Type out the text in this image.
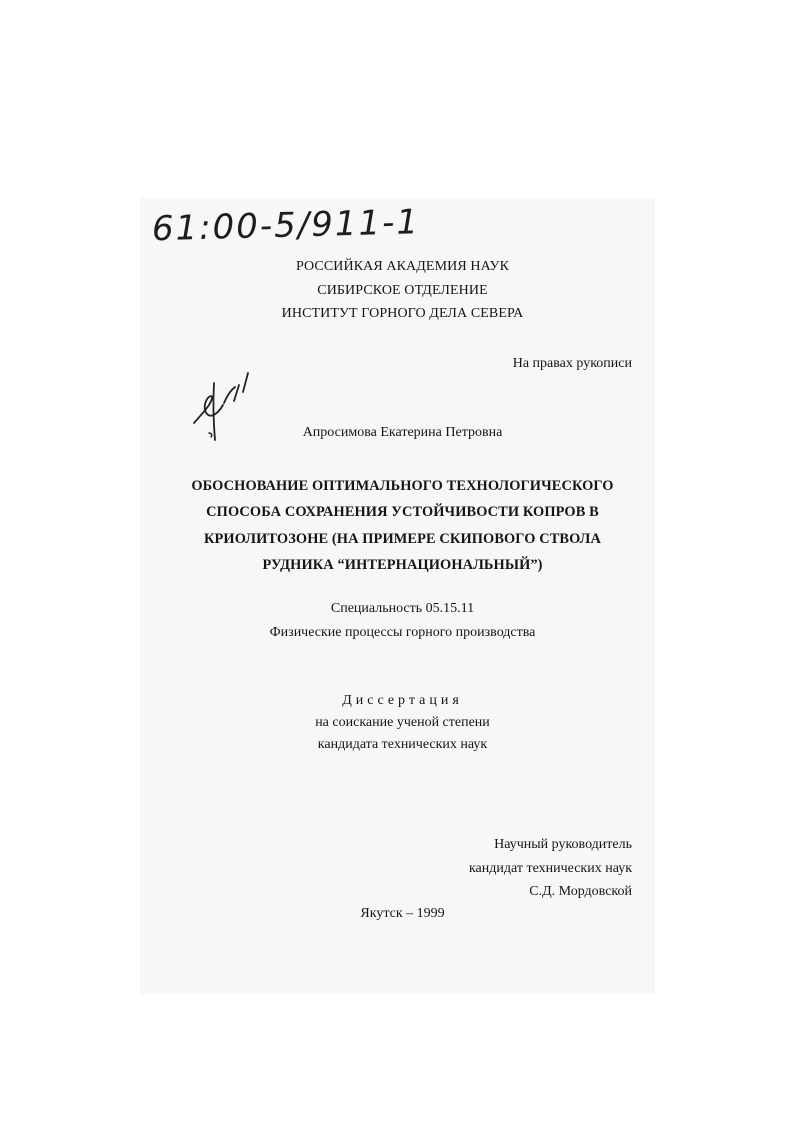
61:00-5/911-1
РОССИЙКАЯ АКАДЕМИЯ НАУК
СИБИРСКОЕ ОТДЕЛЕНИЕ
ИНСТИТУТ ГОРНОГО ДЕЛА СЕВЕРА
На правах рукописи
Апросимова Екатерина Петровна
ОБОСНОВАНИЕ ОПТИМАЛЬНОГО ТЕХНОЛОГИЧЕСКОГО
СПОСОБА СОХРАНЕНИЯ УСТОЙЧИВОСТИ КОПРОВ В
КРИОЛИТОЗОНЕ (НА ПРИМЕРЕ СКИПОВОГО СТВОЛА
РУДНИКА “ИНТЕРНАЦИОНАЛЬНЫЙ”)
Специальность 05.15.11
Физические процессы горного производства
Диссертация
на соискание ученой степени
кандидата технических наук
Научный руководитель
кандидат технических наук
С.Д. Мордовской
Якутск – 1999
